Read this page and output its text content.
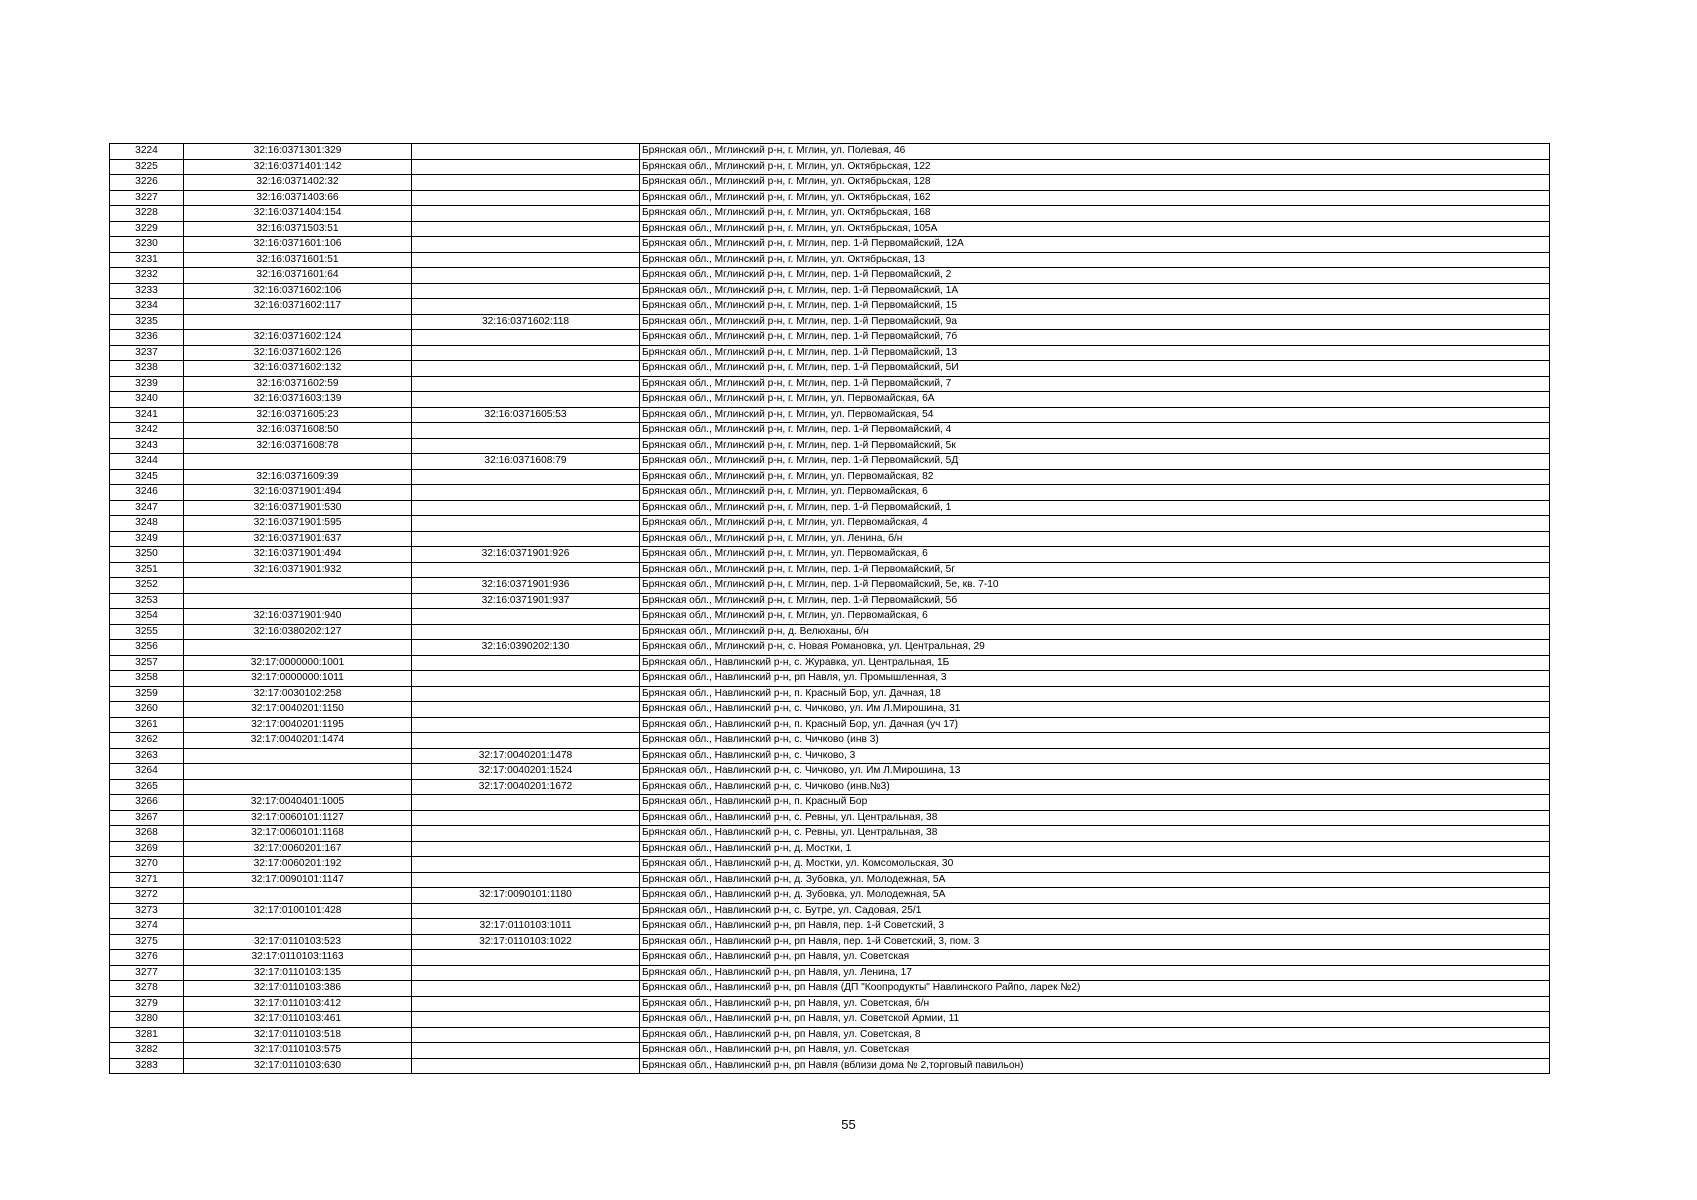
3224	32:16:0371301:329		Брянская обл., Мглинский р-н, г. Мглин, ул. Полевая, 46
3225	32:16:0371401:142		Брянская обл., Мглинский р-н, г. Мглин, ул. Октябрьская, 122
3226	32:16:0371402:32		Брянская обл., Мглинский р-н, г. Мглин, ул. Октябрьская, 128
3227	32:16:0371403:66		Брянская обл., Мглинский р-н, г. Мглин, ул. Октябрьская, 162
3228	32:16:0371404:154		Брянская обл., Мглинский р-н, г. Мглин, ул. Октябрьская, 168
3229	32:16:0371503:51		Брянская обл., Мглинский р-н, г. Мглин, ул. Октябрьская, 105А
3230	32:16:0371601:106		Брянская обл., Мглинский р-н, г. Мглин, пер. 1-й Первомайский, 12А
3231	32:16:0371601:51		Брянская обл., Мглинский р-н, г. Мглин, ул. Октябрьская, 13
3232	32:16:0371601:64		Брянская обл., Мглинский р-н, г. Мглин, пер. 1-й Первомайский, 2
3233	32:16:0371602:106		Брянская обл., Мглинский р-н, г. Мглин, пер. 1-й Первомайский, 1А
3234	32:16:0371602:117		Брянская обл., Мглинский р-н, г. Мглин, пер. 1-й Первомайский, 15
3235		32:16:0371602:118	Брянская обл., Мглинский р-н, г. Мглин, пер. 1-й Первомайский, 9а
3236	32:16:0371602:124		Брянская обл., Мглинский р-н, г. Мглин, пер. 1-й Первомайский, 7б
3237	32:16:0371602:126		Брянская обл., Мглинский р-н, г. Мглин, пер. 1-й Первомайский, 13
3238	32:16:0371602:132		Брянская обл., Мглинский р-н, г. Мглин, пер. 1-й Первомайский, 5И
3239	32:16:0371602:59		Брянская обл., Мглинский р-н, г. Мглин, пер. 1-й Первомайский, 7
3240	32:16:0371603:139		Брянская обл., Мглинский р-н, г. Мглин, ул. Первомайская, 6А
3241	32:16:0371605:23	32:16:0371605:53	Брянская обл., Мглинский р-н, г. Мглин, ул. Первомайская, 54
3242	32:16:0371608:50		Брянская обл., Мглинский р-н, г. Мглин, пер. 1-й Первомайский, 4
3243	32:16:0371608:78		Брянская обл., Мглинский р-н, г. Мглин, пер. 1-й Первомайский, 5к
3244		32:16:0371608:79	Брянская обл., Мглинский р-н, г. Мглин, пер. 1-й Первомайский, 5Д
3245	32:16:0371609:39		Брянская обл., Мглинский р-н, г. Мглин, ул. Первомайская, 82
3246	32:16:0371901:494		Брянская обл., Мглинский р-н, г. Мглин, ул. Первомайская, 6
3247	32:16:0371901:530		Брянская обл., Мглинский р-н, г. Мглин, пер. 1-й Первомайский, 1
3248	32:16:0371901:595		Брянская обл., Мглинский р-н, г. Мглин, ул. Первомайская, 4
3249	32:16:0371901:637		Брянская обл., Мглинский р-н, г. Мглин, ул. Ленина, б/н
3250	32:16:0371901:494	32:16:0371901:926	Брянская обл., Мглинский р-н, г. Мглин, ул. Первомайская, 6
3251	32:16:0371901:932		Брянская обл., Мглинский р-н, г. Мглин, пер. 1-й Первомайский, 5г
3252		32:16:0371901:936	Брянская обл., Мглинский р-н, г. Мглин, пер. 1-й Первомайский, 5е, кв. 7-10
3253		32:16:0371901:937	Брянская обл., Мглинский р-н, г. Мглин, пер. 1-й Первомайский, 5б
3254	32:16:0371901:940		Брянская обл., Мглинский р-н, г. Мглин, ул. Первомайская, 6
3255	32:16:0380202:127		Брянская обл., Мглинский р-н, д. Велюханы, б/н
3256		32:16:0390202:130	Брянская обл., Мглинский р-н, с. Новая Романовка, ул. Центральная, 29
3257	32:17:0000000:1001		Брянская обл., Навлинский р-н, с. Журавка, ул. Центральная, 1Б
3258	32:17:0000000:1011		Брянская обл., Навлинский р-н, рп Навля, ул. Промышленная, 3
3259	32:17:0030102:258		Брянская обл., Навлинский р-н, п. Красный Бор, ул. Дачная, 18
3260	32:17:0040201:1150		Брянская обл., Навлинский р-н, с. Чичково, ул. Им Л.Мирошина, 31
3261	32:17:0040201:1195		Брянская обл., Навлинский р-н, п. Красный Бор, ул. Дачная (уч 17)
3262	32:17:0040201:1474		Брянская обл., Навлинский р-н, с. Чичково (инв 3)
3263		32:17:0040201:1478	Брянская обл., Навлинский р-н, с. Чичково, 3
3264		32:17:0040201:1524	Брянская обл., Навлинский р-н, с. Чичково, ул. Им Л.Мирошина, 13
3265		32:17:0040201:1672	Брянская обл., Навлинский р-н, с. Чичково (инв.№3)
3266	32:17:0040401:1005		Брянская обл., Навлинский р-н, п. Красный Бор
3267	32:17:0060101:1127		Брянская обл., Навлинский р-н, с. Ревны, ул. Центральная, 38
3268	32:17:0060101:1168		Брянская обл., Навлинский р-н, с. Ревны, ул. Центральная, 38
3269	32:17:0060201:167		Брянская обл., Навлинский р-н, д. Мостки, 1
3270	32:17:0060201:192		Брянская обл., Навлинский р-н, д. Мостки, ул. Комсомольская, 30
3271	32:17:0090101:1147		Брянская обл., Навлинский р-н, д. Зубовка, ул. Молодежная, 5А
3272		32:17:0090101:1180	Брянская обл., Навлинский р-н, д. Зубовка, ул. Молодежная, 5А
3273	32:17:0100101:428		Брянская обл., Навлинский р-н, с. Бутре, ул. Садовая, 25/1
3274		32:17:0110103:1011	Брянская обл., Навлинский р-н, рп Навля, пер. 1-й Советский, 3
3275	32:17:0110103:523	32:17:0110103:1022	Брянская обл., Навлинский р-н, рп Навля, пер. 1-й Советский, 3, пом. 3
3276	32:17:0110103:1163		Брянская обл., Навлинский р-н, рп Навля, ул. Советская
3277	32:17:0110103:135		Брянская обл., Навлинский р-н, рп Навля, ул. Ленина, 17
3278	32:17:0110103:386		Брянская обл., Навлинский р-н, рп Навля (ДП "Коопродукты" Навлинского Райпо, ларек №2)
3279	32:17:0110103:412		Брянская обл., Навлинский р-н, рп Навля, ул. Советская, б/н
3280	32:17:0110103:461		Брянская обл., Навлинский р-н, рп Навля, ул. Советской Армии, 11
3281	32:17:0110103:518		Брянская обл., Навлинский р-н, рп Навля, ул. Советская, 8
3282	32:17:0110103:575		Брянская обл., Навлинский р-н, рп Навля, ул. Советская
3283	32:17:0110103:630		Брянская обл., Навлинский р-н, рп Навля (вблизи дома № 2,торговый павильон)
55
